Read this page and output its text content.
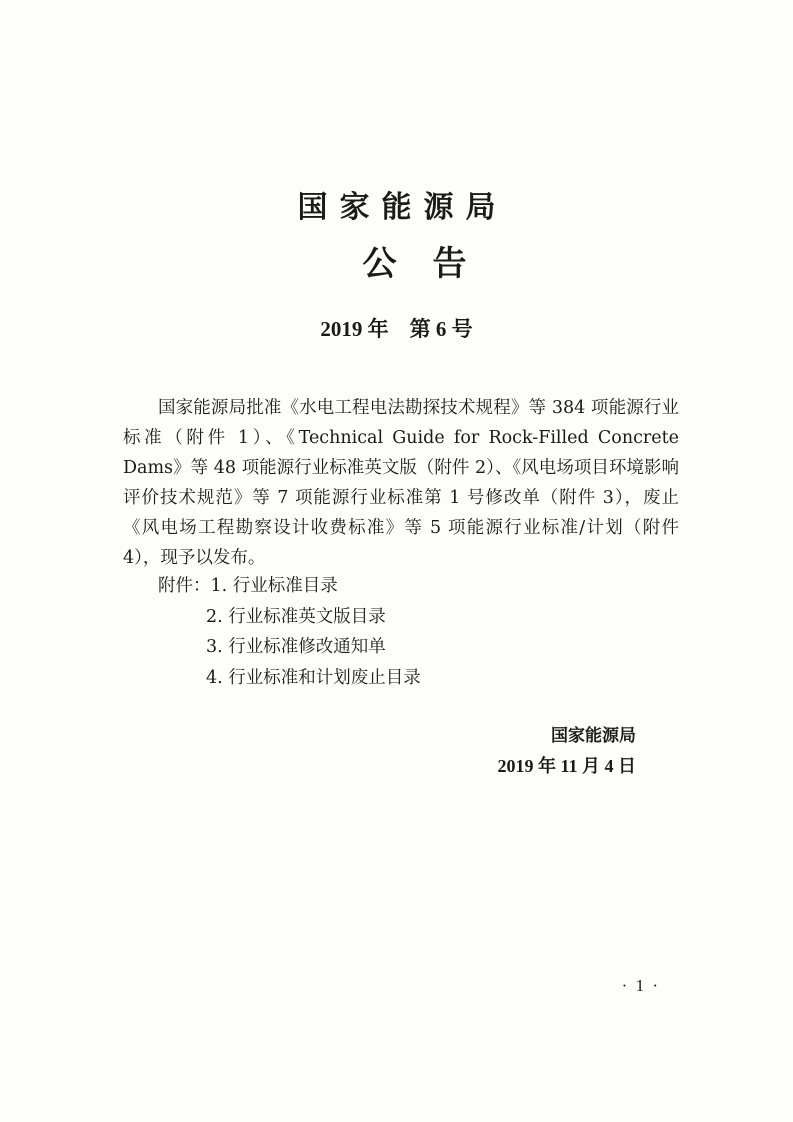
国家能源局
公告
2019 年　第 6 号
国家能源局批准《水电工程电法勘探技术规程》等 384 项能源行业标准（附件 1）、《Technical Guide for Rock-Filled Concrete Dams》等 48 项能源行业标准英文版（附件 2）、《风电场项目环境影响评价技术规范》等 7 项能源行业标准第 1 号修改单（附件 3），废止《风电场工程勘察设计收费标准》等 5 项能源行业标准/计划（附件 4），现予以发布。
附件：1. 行业标准目录
2. 行业标准英文版目录
3. 行业标准修改通知单
4. 行业标准和计划废止目录
国家能源局
2019 年 11 月 4 日
· 1 ·
